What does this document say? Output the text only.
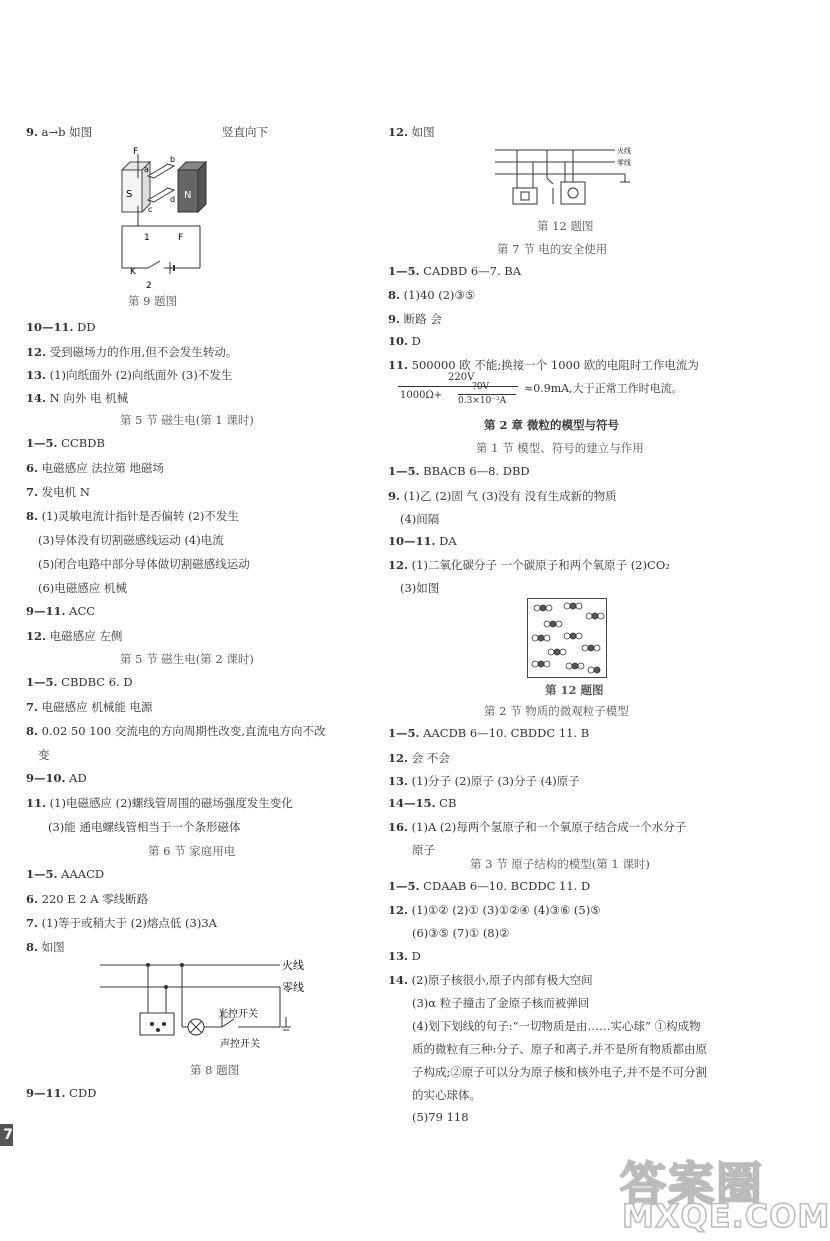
9. a→b 如图	竖直向下
F
S
a
b
c
d N
1	F
K
2
第 9 题图
10—11. DD
12. 受到磁场力的作用,但不会发生转动。
13. (1)向纸面外 (2)向纸面外 (3)不发生
14. N 向外 电 机械
第 5 节 磁生电(第 1 课时)
1—5. CCBDB
6. 电磁感应 法拉第 地磁场
7. 发电机 N
8. (1)灵敏电流计指针是否偏转 (2)不发生
(3)导体没有切割磁感线运动 (4)电流
(5)闭合电路中部分导体做切割磁感线运动
(6)电磁感应 机械
9—11. ACC
12. 电磁感应 左侧
第 5 节 磁生电(第 2 课时)
1—5. CBDBC 6. D
7. 电磁感应 机械能 电源
8. 0.02 50 100 交流电的方向周期性改变,直流电方向不改
变
9—10. AD
11. (1)电磁感应 (2)螺线管周围的磁场强度发生变化
(3)能 通电螺线管相当于一个条形磁体
第 6 节 家庭用电
1—5. AAACD
6. 220 E 2 A 零线断路
7. (1)等于或稍大于 (2)熔点低 (3)3A
8. 如图
火线
零线
光控开关
声控开关
第 8 题图
9—11. CDD
12. 如图
火线
零线
第 12 题图
第 7 节 电的安全使用
1—5. CADBD 6—7. BA
8. (1)40 (2)③⑤
9. 断路 会
10. D
11. 500000 欧 不能;换接一个 1000 欧的电阻时工作电流为
220V
1000Ω+
?0V
0.3×10⁻³A
≈0.9mA,大于正常工作时电流。
第 2 章 微粒的模型与符号
第 1 节 模型、符号的建立与作用
1—5. BBACB 6—8. DBD
9. (1)乙 (2)固 气 (3)没有 没有生成新的物质
(4)间隔
10—11. DA
12. (1)二氧化碳分子 一个碳原子和两个氧原子 (2)CO₂
(3)如图
第 12 题图
第 2 节 物质的微观粒子模型
1—5. AACDB 6—10. CBDDC 11. B
12. 会 不会
13. (1)分子 (2)原子 (3)分子 (4)原子
14—15. CB
16. (1)A (2)每两个氢原子和一个氧原子结合成一个水分子
原子
第 3 节 原子结构的模型(第 1 课时)
1—5. CDAAB 6—10. BCDDC 11. D
12. (1)①② (2)① (3)①②④ (4)③⑥ (5)⑤
(6)③⑤ (7)① (8)②
13. D
14. (2)原子核很小,原子内部有极大空间
(3)α 粒子撞击了金原子核而被弹回
(4)划下划线的句子:“一切物质是由……实心球” ①构成物
质的微粒有三种:分子、原子和离子,并不是所有物质都由原
子构成;②原子可以分为原子核和核外电子,并不是不可分割
的实心球体。
(5)79 118
7
答案圈
MXQE.COM
